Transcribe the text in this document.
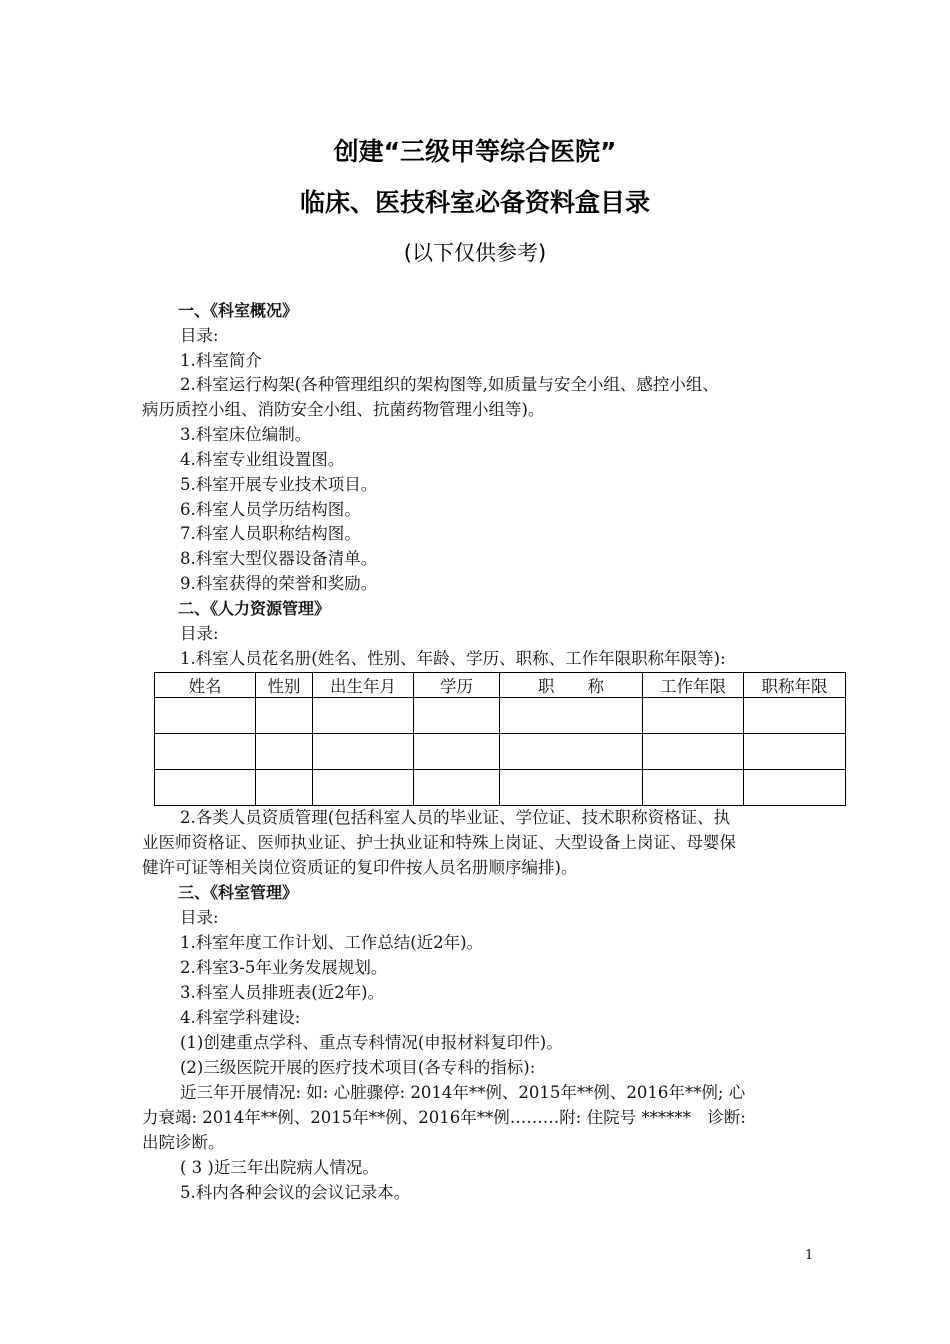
创建“三级甲等综合医院”
临床、医技科室必备资料盒目录
(以下仅供参考)
一、《科室概况》
目录:
1.科室简介
2.科室运行构架(各种管理组织的架构图等,如质量与安全小组、感控小组、
病历质控小组、消防安全小组、抗菌药物管理小组等)。
3.科室床位编制。
4.科室专业组设置图。
5.科室开展专业技术项目。
6.科室人员学历结构图。
7.科室人员职称结构图。
8.科室大型仪器设备清单。
9.科室获得的荣誉和奖励。
二、《人力资源管理》
目录:
1.科室人员花名册(姓名、性别、年龄、学历、职称、工作年限职称年限等):
姓名	性别	出生年月	学历	职　　称	工作年限	职称年限

2.各类人员资质管理(包括科室人员的毕业证、学位证、技术职称资格证、执
业医师资格证、医师执业证、护士执业证和特殊上岗证、大型设备上岗证、母婴保
健许可证等相关岗位资质证的复印件按人员名册顺序编排)。
三、《科室管理》
目录:
1.科室年度工作计划、工作总结(近2年)。
2.科室3-5年业务发展规划。
3.科室人员排班表(近2年)。
4.科室学科建设:
(1)创建重点学科、重点专科情况(申报材料复印件)。
(2)三级医院开展的医疗技术项目(各专科的指标):
近三年开展情况: 如: 心脏骤停: 2014年**例、2015年**例、2016年**例; 心
力衰竭: 2014年**例、2015年**例、2016年**例………附: 住院号 ******　诊断:
出院诊断。
( 3 )近三年出院病人情况。
5.科内各种会议的会议记录本。
1
